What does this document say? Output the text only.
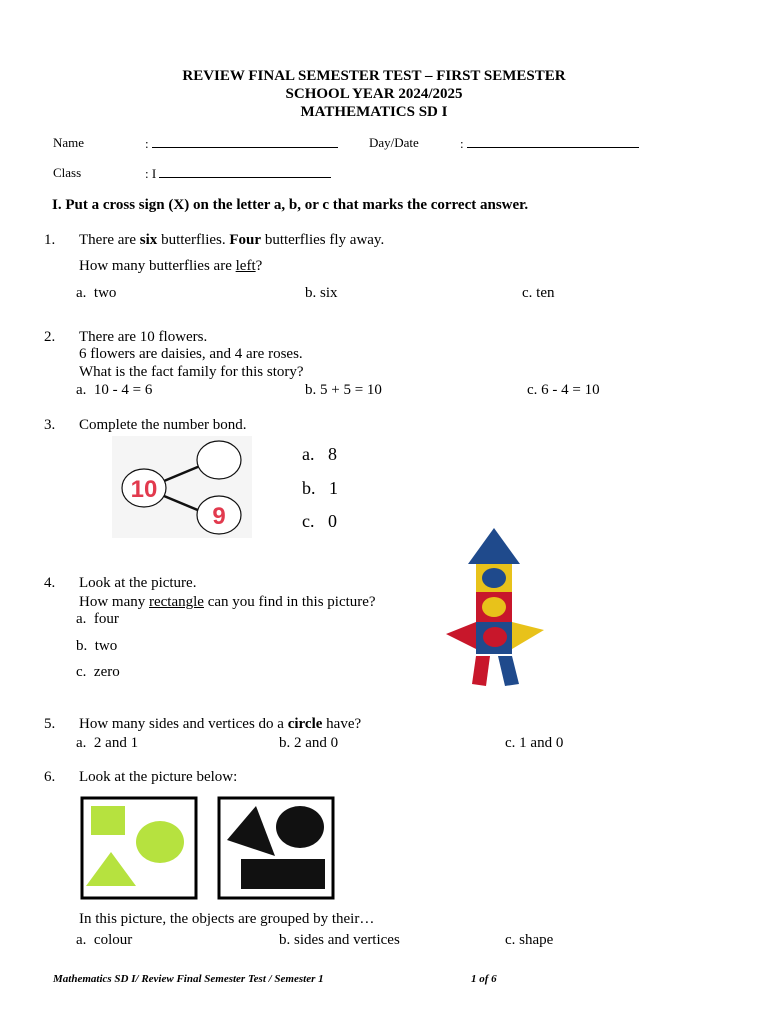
REVIEW FINAL SEMESTER TEST – FIRST SEMESTER
SCHOOL YEAR 2024/2025
MATHEMATICS SD I
Name	:	Day/Date	:
Class	: I
I. Put a cross sign (X) on the letter a, b, or c that marks the correct answer.
1. There are six butterflies. Four butterflies fly away.
How many butterflies are left?
a. two	b. six	c. ten
2. There are 10 flowers.
6 flowers are daisies, and 4 are roses.
What is the fact family for this story?
a. 10 - 4 = 6	b. 5 + 5 = 10	c. 6 - 4 = 10
3. Complete the number bond.
10
9
a. 8
b. 1
c. 0
4. Look at the picture.
How many rectangle can you find in this picture?
a. four
b. two
c. zero
5. How many sides and vertices do a circle have?
a. 2 and 1	b. 2 and 0	c. 1 and 0
6. Look at the picture below:
In this picture, the objects are grouped by their…
a. colour	b. sides and vertices	c. shape
Mathematics SD I/ Review Final Semester Test / Semester 1	1 of 6
